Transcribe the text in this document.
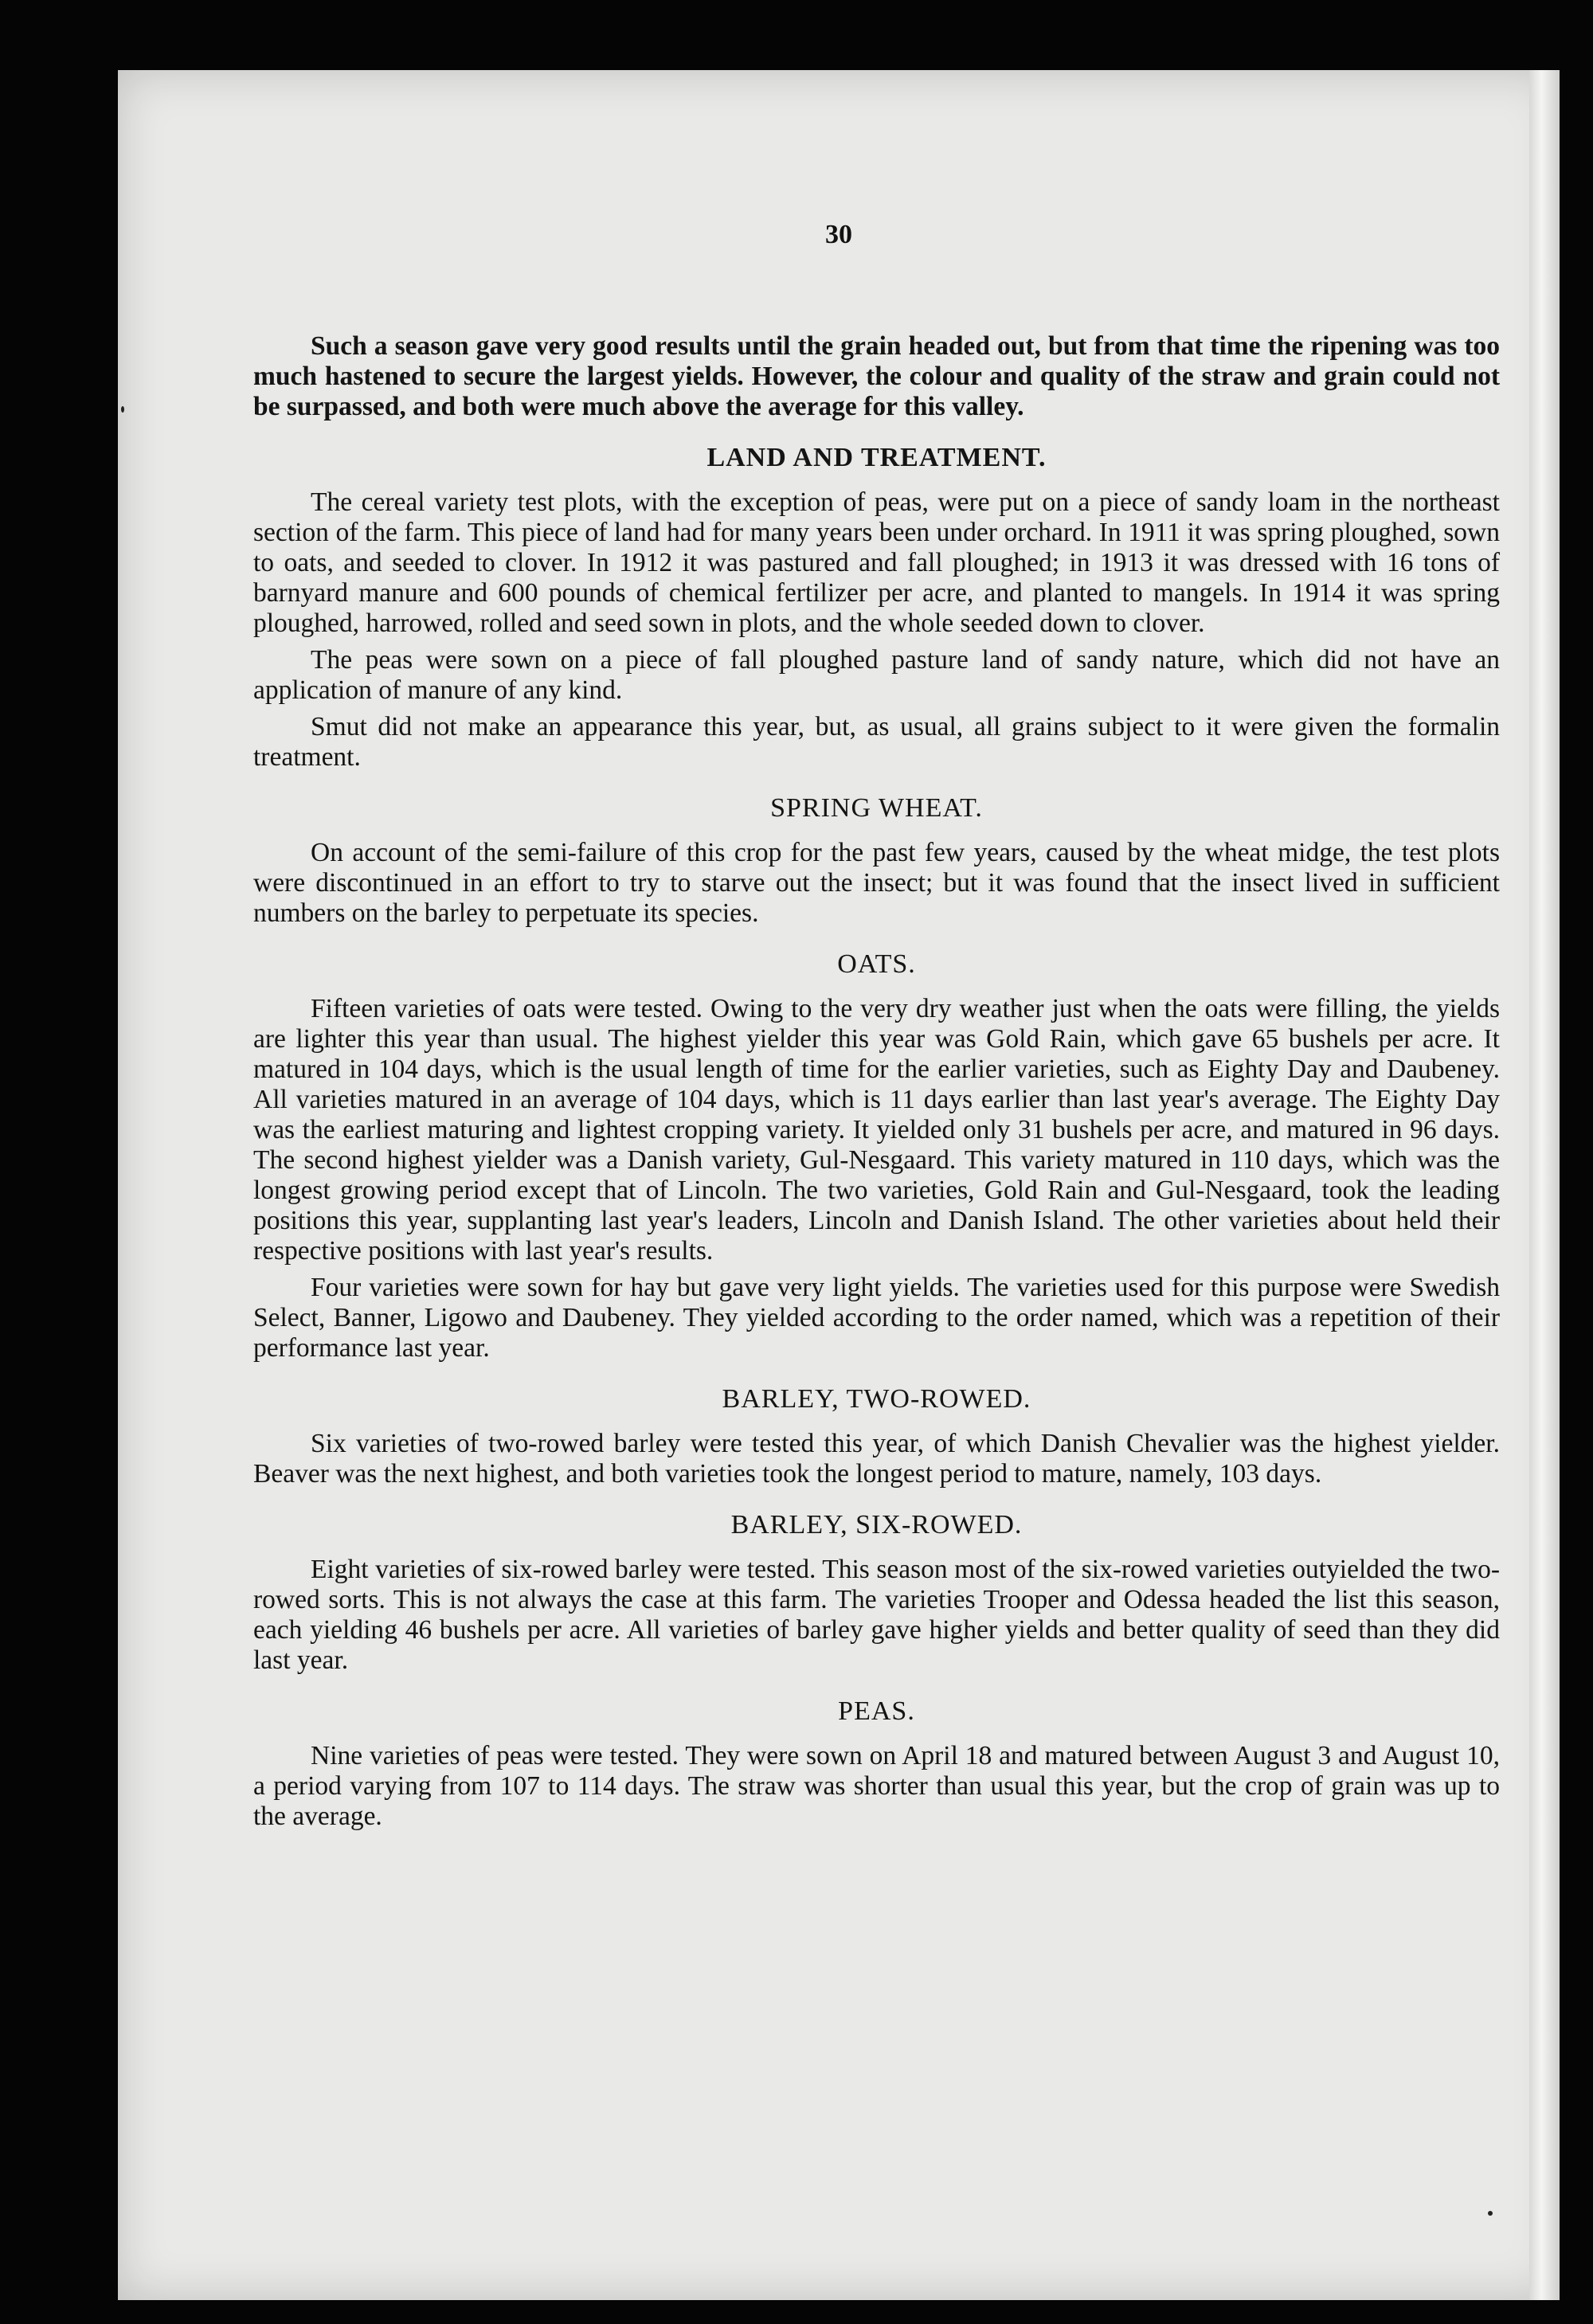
30

Such a season gave very good results until the grain headed out, but from that time the ripening was too much hastened to secure the largest yields. However, the colour and quality of the straw and grain could not be surpassed, and both were much above the average for this valley.

LAND AND TREATMENT.

The cereal variety test plots, with the exception of peas, were put on a piece of sandy loam in the northeast section of the farm. This piece of land had for many years been under orchard. In 1911 it was spring ploughed, sown to oats, and seeded to clover. In 1912 it was pastured and fall ploughed; in 1913 it was dressed with 16 tons of barnyard manure and 600 pounds of chemical fertilizer per acre, and planted to mangels. In 1914 it was spring ploughed, harrowed, rolled and seed sown in plots, and the whole seeded down to clover.

The peas were sown on a piece of fall ploughed pasture land of sandy nature, which did not have an application of manure of any kind.

Smut did not make an appearance this year, but, as usual, all grains subject to it were given the formalin treatment.

SPRING WHEAT.

On account of the semi-failure of this crop for the past few years, caused by the wheat midge, the test plots were discontinued in an effort to try to starve out the insect; but it was found that the insect lived in sufficient numbers on the barley to perpetuate its species.

OATS.

Fifteen varieties of oats were tested. Owing to the very dry weather just when the oats were filling, the yields are lighter this year than usual. The highest yielder this year was Gold Rain, which gave 65 bushels per acre. It matured in 104 days, which is the usual length of time for the earlier varieties, such as Eighty Day and Daubeney. All varieties matured in an average of 104 days, which is 11 days earlier than last year's average. The Eighty Day was the earliest maturing and lightest cropping variety. It yielded only 31 bushels per acre, and matured in 96 days. The second highest yielder was a Danish variety, Gul-Nesgaard. This variety matured in 110 days, which was the longest growing period except that of Lincoln. The two varieties, Gold Rain and Gul-Nesgaard, took the leading positions this year, supplanting last year's leaders, Lincoln and Danish Island. The other varieties about held their respective positions with last year's results.

Four varieties were sown for hay but gave very light yields. The varieties used for this purpose were Swedish Select, Banner, Ligowo and Daubeney. They yielded according to the order named, which was a repetition of their performance last year.

BARLEY, TWO-ROWED.

Six varieties of two-rowed barley were tested this year, of which Danish Chevalier was the highest yielder. Beaver was the next highest, and both varieties took the longest period to mature, namely, 103 days.

BARLEY, SIX-ROWED.

Eight varieties of six-rowed barley were tested. This season most of the six-rowed varieties outyielded the two-rowed sorts. This is not always the case at this farm. The varieties Trooper and Odessa headed the list this season, each yielding 46 bushels per acre. All varieties of barley gave higher yields and better quality of seed than they did last year.

PEAS.

Nine varieties of peas were tested. They were sown on April 18 and matured between August 3 and August 10, a period varying from 107 to 114 days. The straw was shorter than usual this year, but the crop of grain was up to the average.
